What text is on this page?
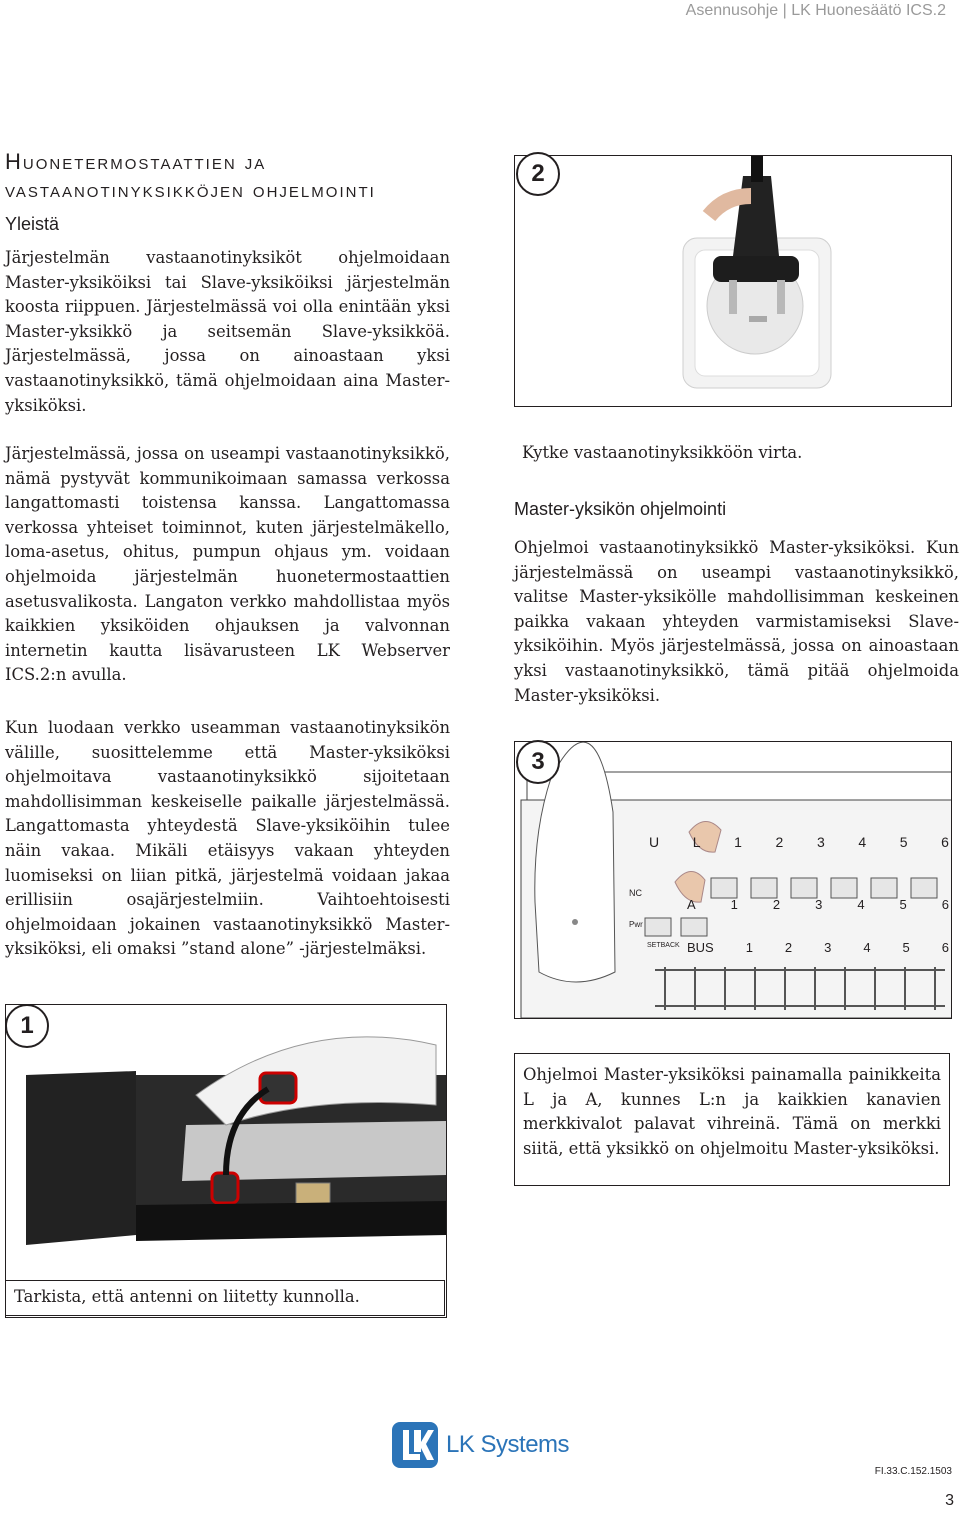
Asennusohje | LK Huonesäätö ICS.2
Huonetermostaattien ja vastaanotinyksikköjen ohjelmointi
Yleistä

Järjestelmän vastaanotinyksiköt ohjelmoidaan Master-yksiköiksi tai Slave-yksiköiksi järjestelmän koosta riippuen. Järjestelmässä voi olla enintään yksi Master-yksikkö ja seitsemän Slave-yksikköä. Järjestelmässä, jossa on ainoastaan yksi vastaanotinyksikkö, tämä ohjelmoidaan aina Master-yksiköksi.

Järjestelmässä, jossa on useampi vastaanotinyksikkö, nämä pystyvät kommunikoimaan samassa verkossa langattomasti toistensa kanssa. Langattomassa verkossa yhteiset toiminnot, kuten järjestelmäkello, loma-asetus, ohitus, pumpun ohjaus ym. voidaan ohjelmoida järjestelmän huonetermostaattien asetusvalikosta. Langaton verkko mahdollistaa myös kaikkien yksiköiden ohjauksen ja valvonnan internetin kautta lisävarusteen LK Webserver ICS.2:n avulla.

Kun luodaan verkko useamman vastaanotinyksikön välille, suosittelemme että Master-yksiköksi ohjelmoitava vastaanotinyksikkö sijoitetaan mahdollisimman keskeiselle paikalle järjestelmässä. Langattomasta yhteydestä Slave-yksiköihin tulee näin vakaa. Mikäli etäisyys vakaan yhteyden luomiseksi on liian pitkä, järjestelmä voidaan jakaa erillisiin osajärjestelmiin. Vaihtoehtoisesti ohjelmoidaan jokainen vastaanotinyksikkö Master-yksiköksi, eli omaksi ”stand alone” -järjestelmäksi.

2
Kytke vastaanotinyksikköön virta.
Master-yksikön ohjelmointi

Ohjelmoi vastaanotinyksikkö Master-yksiköksi. Kun järjestelmässä on useampi vastaanotinyksikkö, valitse Master-yksikölle mahdollisimman keskeinen paikka vakaan yhteyden varmistamiseksi Slave-yksiköihin. Myös järjestelmässä, jossa on ainoastaan yksi vastaanotinyksikkö, tämä pitää ohjelmoida Master-yksiköksi.

U L 1 2 3 4 5 6
A	1	2	3	4	5	6
BUS 1 2 3 4 5 6
NC
Pwr
SETBACK
3
1
Tarkista, että antenni on liitetty kunnolla.
Ohjelmoi Master-yksiköksi painamalla painikkeita L ja A, kunnes L:n ja kaikkien kanavien merkkivalot palavat vihreinä. Tämä on merkki siitä, että yksikkö on ohjelmoitu Master-yksiköksi.
LK Systems
FI.33.C.152.1503
3
